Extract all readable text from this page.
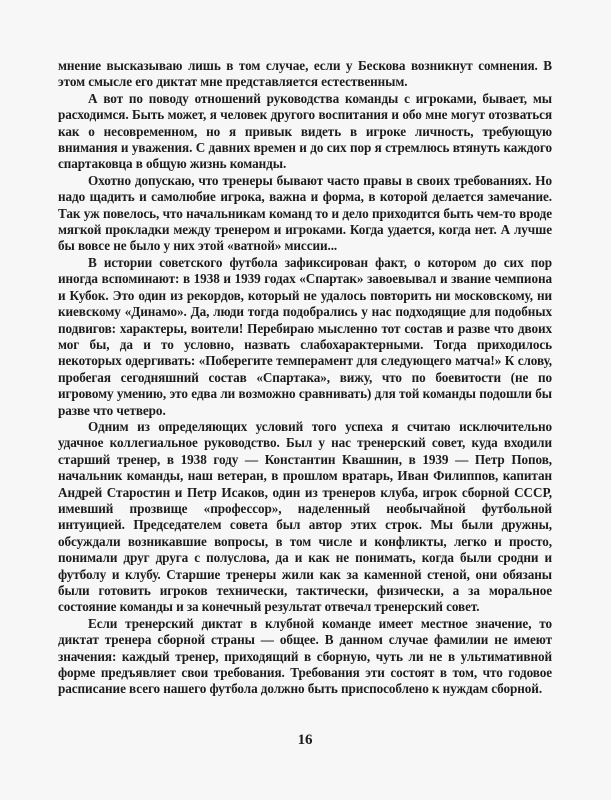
мнение высказываю лишь в том случае, если у Бескова возникнут сомнения. В этом смысле его диктат мне представляется естественным.

А вот по поводу отношений руководства команды с игроками, бывает, мы расходимся. Быть может, я человек другого воспитания и обо мне могут отозваться как о несовременном, но я привык видеть в игроке личность, требующую внимания и уважения. С давних времен и до сих пор я стремлюсь втянуть каждого спартаковца в общую жизнь команды.

Охотно допускаю, что тренеры бывают часто правы в своих требованиях. Но надо щадить и самолюбие игрока, важна и форма, в которой делается замечание. Так уж повелось, что начальникам команд то и дело приходится быть чем-то вроде мягкой прокладки между тренером и игроками. Когда удается, когда нет. А лучше бы вовсе не было у них этой «ватной» миссии...

В истории советского футбола зафиксирован факт, о котором до сих пор иногда вспоминают: в 1938 и 1939 годах «Спартак» завоевывал и звание чемпиона и Кубок. Это один из рекордов, который не удалось повторить ни московскому, ни киевскому «Динамо». Да, люди тогда подобрались у нас подходящие для подобных подвигов: характеры, воители! Перебираю мысленно тот состав и разве что двоих мог бы, да и то условно, назвать слабохарактерными. Тогда приходилось некоторых одергивать: «Поберегите темперамент для следующего матча!» К слову, пробегая сегодняшний состав «Спартака», вижу, что по боевитости (не по игровому умению, это едва ли возможно сравнивать) для той команды подошли бы разве что четверо.

Одним из определяющих условий того успеха я считаю исключительно удачное коллегиальное руководство. Был у нас тренерский совет, куда входили старший тренер, в 1938 году — Константин Квашнин, в 1939 — Петр Попов, начальник команды, наш ветеран, в прошлом вратарь, Иван Филиппов, капитан Андрей Старостин и Петр Исаков, один из тренеров клуба, игрок сборной СССР, имевший прозвище «профессор», наделенный необычайной футбольной интуицией. Председателем совета был автор этих строк. Мы были дружны, обсуждали возникавшие вопросы, в том числе и конфликты, легко и просто, понимали друг друга с полуслова, да и как не понимать, когда были сродни и футболу и клубу. Старшие тренеры жили как за каменной стеной, они обязаны были готовить игроков технически, тактически, физически, а за моральное состояние команды и за конечный результат отвечал тренерский совет.

Если тренерский диктат в клубной команде имеет местное значение, то диктат тренера сборной страны — общее. В данном случае фамилии не имеют значения: каждый тренер, приходящий в сборную, чуть ли не в ультимативной форме предъявляет свои требования. Требования эти состоят в том, что годовое расписание всего нашего футбола должно быть приспособлено к нуждам сборной.

16
